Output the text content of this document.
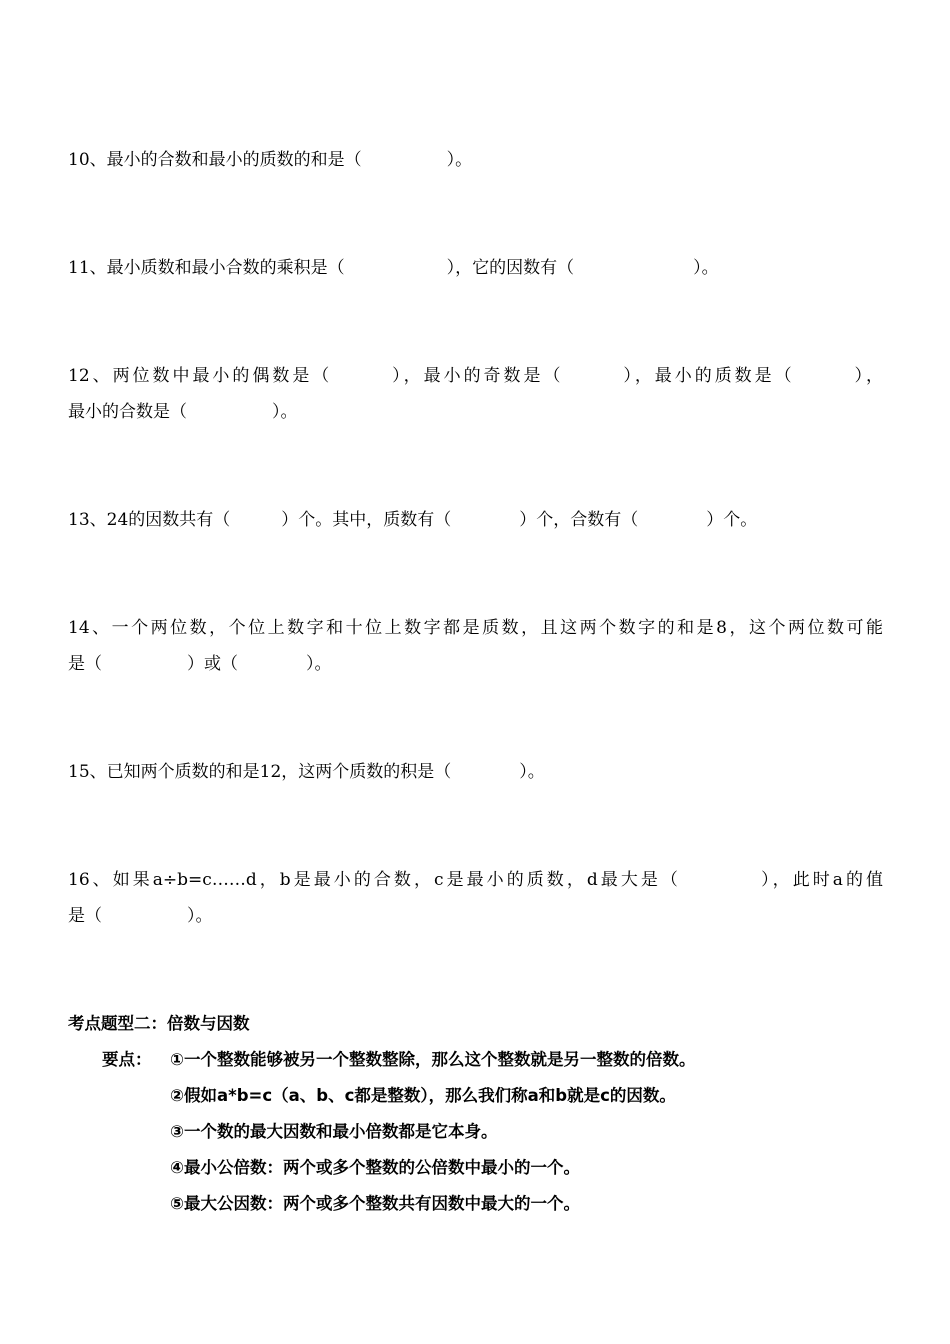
10、最小的合数和最小的质数的和是（　　　　　）。
11、最小质数和最小合数的乘积是（　　　　　　），它的因数有（　　　　　　　）。
12、两位数中最小的偶数是（　　　），最小的奇数是（　　　），最小的质数是（　　　），
最小的合数是（　　　　　）。
13、24的因数共有（　　　）个。其中，质数有（　　　　）个，合数有（　　　　）个。
14、一个两位数，个位上数字和十位上数字都是质数，且这两个数字的和是8，这个两位数可能
是（　　　　　）或（　　　　）。
15、已知两个质数的和是12，这两个质数的积是（　　　　）。
16、如果a÷b=c……d，b是最小的合数，c是最小的质数，d最大是（　　　　），此时a的值
是（　　　　　）。
考点题型二：倍数与因数
要点： ①一个整数能够被另一个整数整除，那么这个整数就是另一整数的倍数。
②假如a*b=c（a、b、c都是整数），那么我们称a和b就是c的因数。
③一个数的最大因数和最小倍数都是它本身。
④最小公倍数：两个或多个整数的公倍数中最小的一个。
⑤最大公因数：两个或多个整数共有因数中最大的一个。
